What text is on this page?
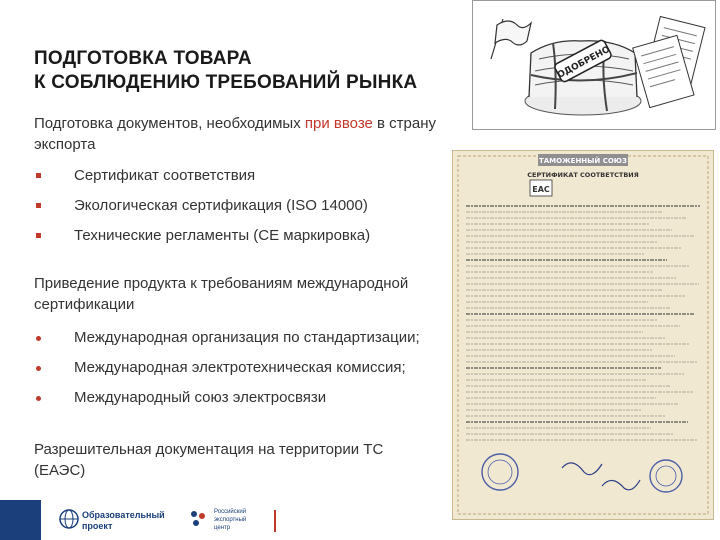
ПОДГОТОВКА ТОВАРА
К СОБЛЮДЕНИЮ ТРЕБОВАНИЙ РЫНКА
ОДОБРЕНО
Подготовка документов, необходимых при ввозе в страну экспорта
Сертификат соответствия
Экологическая сертификация (ISO 14000)
Технические регламенты (CE маркировка)
Приведение продукта к требованиям международной сертификации
Международная организация по стандартизации;
Международная электротехническая комиссия;
Международный союз электросвязи
Разрешительная документация на территории ТС (ЕАЭС)
ТАМОЖЕННЫЙ СОЮЗ
СЕРТИФИКАТ СООТВЕТСТВИЯ
ЕАС
Образовательный проект
Российский экспортный центр
